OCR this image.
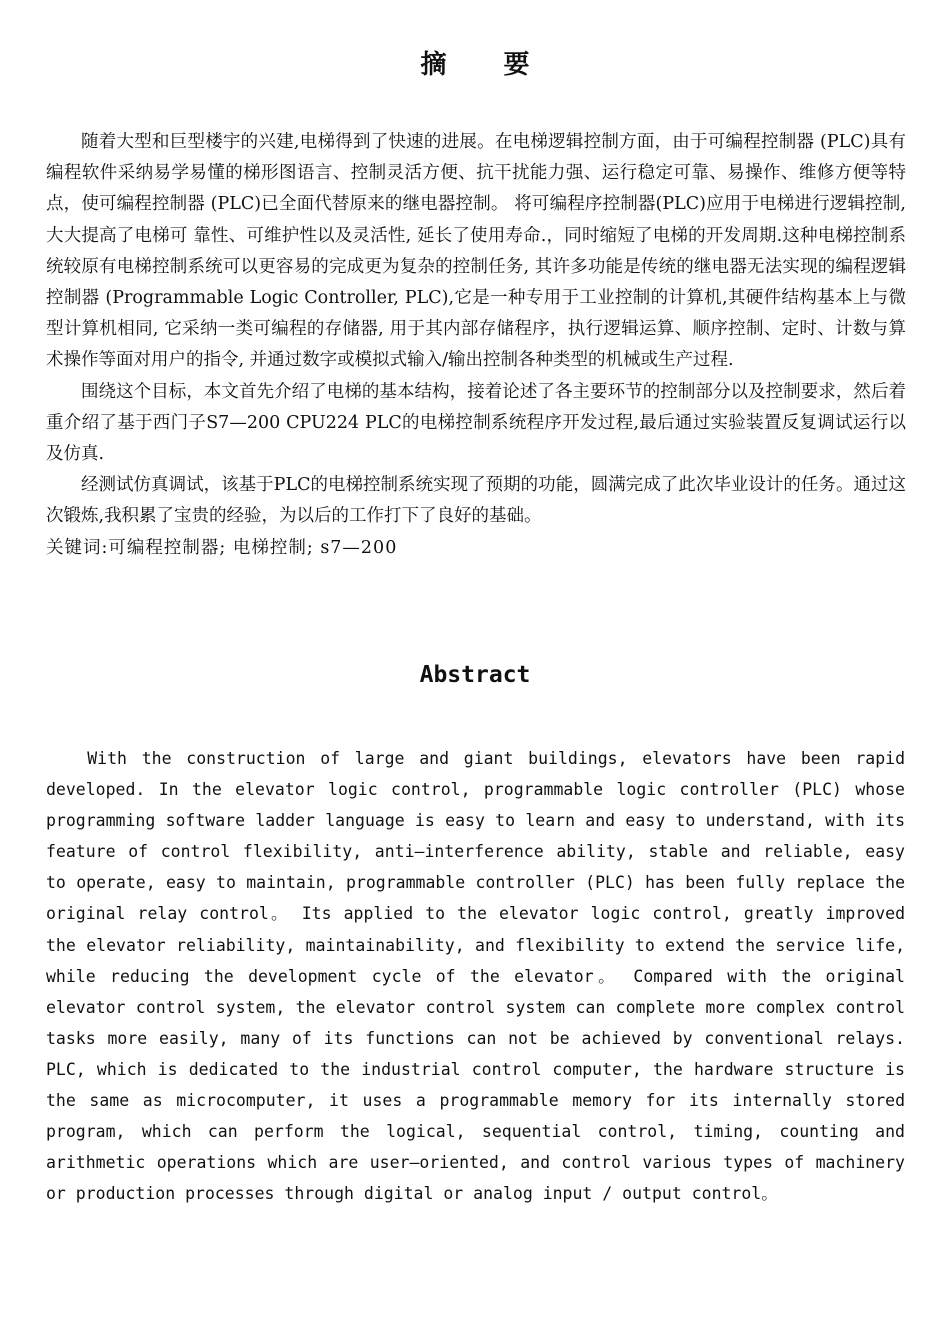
摘 要

随着大型和巨型楼宇的兴建,电梯得到了快速的进展。在电梯逻辑控制方面，由于可编程控制器 (PLC)具有编程软件采纳易学易懂的梯形图语言、控制灵活方便、抗干扰能力强、运行稳定可靠、易操作、维修方便等特点，使可编程控制器 (PLC)已全面代替原来的继电器控制。 将可编程序控制器(PLC)应用于电梯进行逻辑控制, 大大提高了电梯可 靠性、可维护性以及灵活性, 延长了使用寿命.，同时缩短了电梯的开发周期.这种电梯控制系统较原有电梯控制系统可以更容易的完成更为复杂的控制任务, 其许多功能是传统的继电器无法实现的编程逻辑控制器 (Programmable Logic Controller, PLC),它是一种专用于工业控制的计算机,其硬件结构基本上与微型计算机相同, 它采纳一类可编程的存储器, 用于其内部存储程序，执行逻辑运算、顺序控制、定时、计数与算术操作等面对用户的指令, 并通过数字或模拟式输入/输出控制各种类型的机械或生产过程.

围绕这个目标，本文首先介绍了电梯的基本结构，接着论述了各主要环节的控制部分以及控制要求，然后着重介绍了基于西门子S7—200 CPU224 PLC的电梯控制系统程序开发过程,最后通过实验装置反复调试运行以及仿真.

经测试仿真调试，该基于PLC的电梯控制系统实现了预期的功能，圆满完成了此次毕业设计的任务。通过这次锻炼,我积累了宝贵的经验，为以后的工作打下了良好的基础。

关键词:可编程控制器; 电梯控制; s7—200

Abstract

With the construction of large and giant buildings, elevators have been rapid developed. In the elevator logic control, programmable logic controller (PLC) whose programming software ladder language is easy to learn and easy to understand, with its feature of control flexibility, anti—interference ability, stable and reliable, easy to operate, easy to maintain, programmable controller (PLC) has been fully replace the original relay control。 Its applied to the elevator logic control, greatly improved the elevator reliability, maintainability, and flexibility to extend the service life, while reducing the development cycle of the elevator。 Compared with the original elevator control system, the elevator control system can complete more complex control tasks more easily, many of its functions can not be achieved by conventional relays. PLC, which is dedicated to the industrial control computer, the hardware structure is the same as microcomputer, it uses a programmable memory for its internally stored program, which can perform the logical, sequential control, timing, counting and arithmetic operations which are user—oriented, and control various types of machinery or production processes through digital or analog input / output control。
